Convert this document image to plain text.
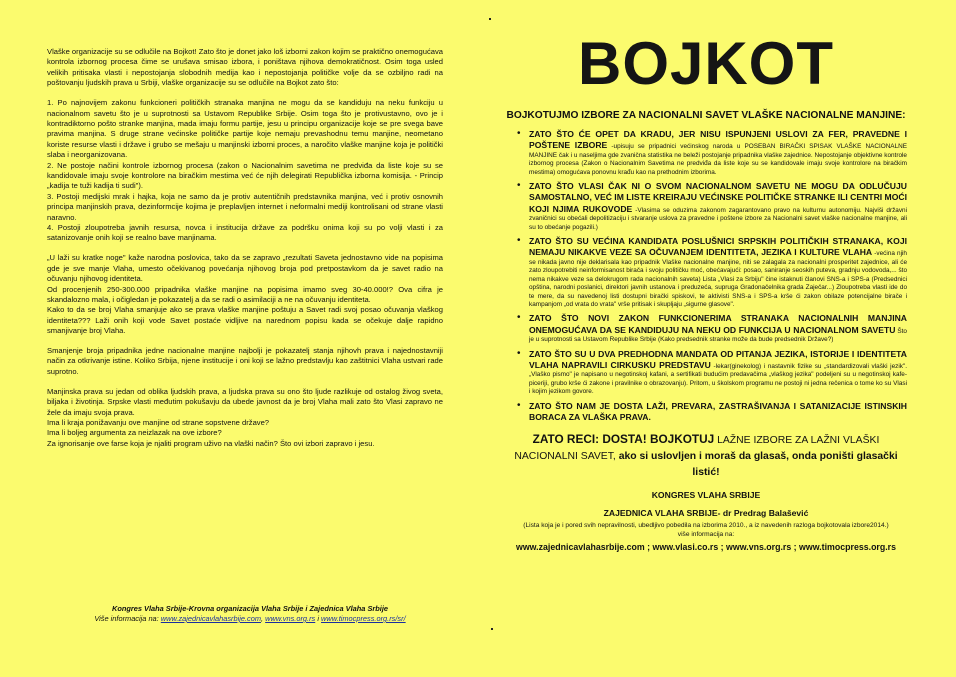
Vlaške organizacije su se odlučile na Bojkot! Zato što je donet jako loš izborni zakon kojim se praktično onemogućava kontrola izbornog procesa čime se urušava smisao izbora, i poništava njihova demokratičnost. Osim toga usled velikih pritisaka vlasti i nepostojanja slobodnih medija kao i nepostojanja političke volje da se ozbiljno radi na poštovanju ljudskih prava u Srbiji, vlaške organizacije su se odlučile na Bojkot zato što:

1. Po najnovijem zakonu funkcioneri političkih stranaka manjina ne mogu da se kandiduju na neku funkciju u nacionalnom savetu što je u suprotnosti sa Ustavom Republike Srbije. Osim toga što je protivustavno, ovo je i kontradiktorno pošto stranke manjina, mada imaju formu partije, jesu u principu organizacije koje se pre svega bave pravima manjina. S druge strane većinske političke partije koje nemaju prevashodnu temu manjine, neometano koriste resurse vlasti i države i grubo se mešaju u manjinski izborni proces, a naročito vlaške manjine koja je politički slaba i neorganizovana.

2. Ne postoje načini kontrole izbornog procesa (zakon o Nacionalnim savetima ne predviđa da liste koje su se kandidovale imaju svoje kontrolore na biračkim mestima već će njih delegirati Republička izborna komisija. - Princip „kadija te tuži kadija ti sudi").

3. Postoji medijski mrak i hajka, koja ne samo da je protiv autentičnih predstavnika manjina, već i protiv osnovnih principa manjinskih prava, dezinformcije kojima je preplavljen internet i neformalni mediji kontrolisani od strane vlasti naravno.

4. Postoji zloupotreba javnih resursa, novca i institucija države za podršku onima koji su po volji vlasti i za satanizovanje onih koji se realno bave manjinama.

„U laži su kratke noge" kaže narodna poslovica, tako da se zapravo „rezultati Saveta jednostavno vide na popisima gde je sve manje Vlaha, umesto očekivanog povećanja njihovog broja pod pretpostavkom da je savet radio na očuvanju njihovog identiteta.

Od procenjenih 250-300.000 pripadnika vlaške manjine na popisima imamo sveg 30-40.000!? Ova cifra je skandalozno mala, i očigledan je pokazatelj a da se radi o asimilaciji a ne na očuvanju identiteta.

Kako to da se broj Vlaha smanjuje ako se prava vlaške manjine poštuju a Savet radi svoj posao očuvanja vlaškog identiteta??? Laži onih koji vode Savet postaće vidljive na narednom popisu kada se očekuje dalje rapidno smanjivanje broj Vlaha.

Smanjenje broja pripadnika jedne nacionalne manjine najbolji je pokazatelj stanja njihovh prava i najednostavniji način za otkrivanje istine. Koliko Srbija, njene institucije i oni koji se lažno predstavlju kao zaštitnici Vlaha ustvari rade suprotno.

Manjinska prava su jedan od oblika ljudskih prava, a ljudska prava su ono što ljude razlikuje od ostalog živog sveta, biljaka i životinja. Srpske vlasti međutim pokušavju da ubede javnost da je broj Vlaha mali zato što Vlasi zapravo ne žele da imaju svoja prava.

Ima li kraja ponižavanju ove manjine od strane sopstvene države?

Ima li boljeg argumenta za neizlazak na ove izbore?

Za ignorisanje ove farse koja je njaliti program uživo na vlaški način? Što ovi izbori zapravo i jesu.

Kongres Vlaha Srbije-Krovna organizacija Vlaha Srbije i Zajednica Vlaha Srbije
Više informacija na: www.zajednicavlahasrbije.com, www.vns.org.rs i www.timocpress.org.rs/sr/
BOJKOT
BOJKOTUJMO IZBORE ZA NACIONALNI SAVET VLAŠKE NACIONALNE MANJINE:
• ZATO ŠTO ĆE OPET DA KRADU, JER NISU ISPUNJENI USLOVI ZA FER, PRAVEDNE I POŠTENE IZBORE -upisuju se pripadnici većinskog naroda u POSEBAN BIRAČKI SPISAK VLAŠKE NACIONALNE MANJINE čak i u naseljima gde zvanična statistika ne beleži postojanje pripadnika vlaške zajednice. Nepostojanje objektivne kontrole izbornog procesa (Zakon o Nacionalnim Savetima ne predviđa da liste koje su se kandidovale imaju svoje kontrolore na biračkim mestima) omogućava ponovnu krađu kao na prethodnim izborima.
• ZATO ŠTO VLASI ČAK NI O SVOM NACIONALNOM SAVETU NE MOGU DA ODLUČUJU SAMOSTALNO, VEĆ IM LISTE KREIRAJU VEĆINSKE POLITIČKE STRANKE ILI CENTRI MOĆI KOJI NJIMA RUKOVODE -Vlasima se oduzima zakonom zagarantovano pravo na kulturnu autonomiju. Najviši državni zvaničnici su obećali depolitizaciju i stvaranje uslova za pravedne i poštene izbore za Nacionalni savet vlaške nacionalne manjine, ali su to obećanje pogazili.)
• ZATO ŠTO SU VEĆINA KANDIDATA POSLUŠNICI SRPSKIH POLITIČKIH STRANAKA, KOJI NEMAJU NIKAKVE VEZE SA OČUVANJEM IDENTITETA, JEZIKA I KULTURE VLAHA -većina njih se nikada javno nije deklarisala kao pripadnik Vlaške nacionalne manjine, niti se zalagala za nacionalni prosperitet zajednice, ali će zato zloupotrebiti neinformisanost birača i svoju političku moć, obećavajući: posao, saniranje seoskih puteva, gradnju vodovoda,... što nema nikakve veze sa delokrugom rada nacionalnih saveta) Lista „Vlasi za Srbiju" čine istaknuti članovi SNS-a i SPS-a (Predsednici opština, narodni poslanici, direktori javnih ustanova i preduzeća, supruga Gradonačelnika grada Zaječar...) Zloupotreba vlasti ide do te mere, da su navedenoj listi dostupni birački spiskovi, te aktivisti SNS-a i SPS-a krše ći zakon obilaze potencijalne birače i kampanjom „od vrata do vrata" vrše pritisak i skupljaju „sigurne glasove".
• ZATO ŠTO NOVI ZAKON FUNKCIONERIMA STRANAKA NACIONALNIH MANJINA ONEMOGUĆAVA DA SE KANDIDUJU NA NEKU OD FUNKCIJA U NACIONALNOM SAVETU Što je u suprotnosti sa Ustavom Republike Srbije (Kako predsednik stranke može da bude predsednik Države?)
• ZATO ŠTO SU U DVA PREDHODNA MANDATA OD PITANJA JEZIKA, ISTORIJE I IDENTITETA VLAHA NAPRAVILI CIRKUSKU PREDSTAVU -lekar(ginekolog) i nastavnik fizike su „standardizovali vlaški jezik". „Vlaško pismo" je napisano u negotinskoj kafani, a sertifikati budućim predavačima „vlaškog jezika" podeljeni su u negotinskoj kafe-piceriji, grubo krše ći zakone i pravilnike o obrazovanju). Pritom, u školskom programu ne postoji ni jedna rečenica o tome ko su Vlasi i kojim jezikom govore.
• ZATO ŠTO NAM JE DOSTA LAŽI, PREVARA, ZASTRAŠIVANJA I SATANIZACIJE ISTINSKIH BORACA ZA VLAŠKA PRAVA.
ZATO RECI: DOSTA! BOJKOTUJ LAŽNE IZBORE ZA LAŽNI VLAŠKI NACIONALNI SAVET, ako si uslovljen i moraš da glasaš, onda poništi glasački listić!
KONGRES VLAHA SRBIJE
ZAJEDNICA VLAHA SRBIJE- dr Predrag Balašević
(Lista koja je i pored svih nepravilnosti, ubedljivo pobedila na izborima 2010., a iz navedenih razloga bojkotovala izbore2014.)
više informacija na:
www.zajednicavlahasrbije.com ; www.vlasi.co.rs ; www.vns.org.rs ; www.timocpress.org.rs
